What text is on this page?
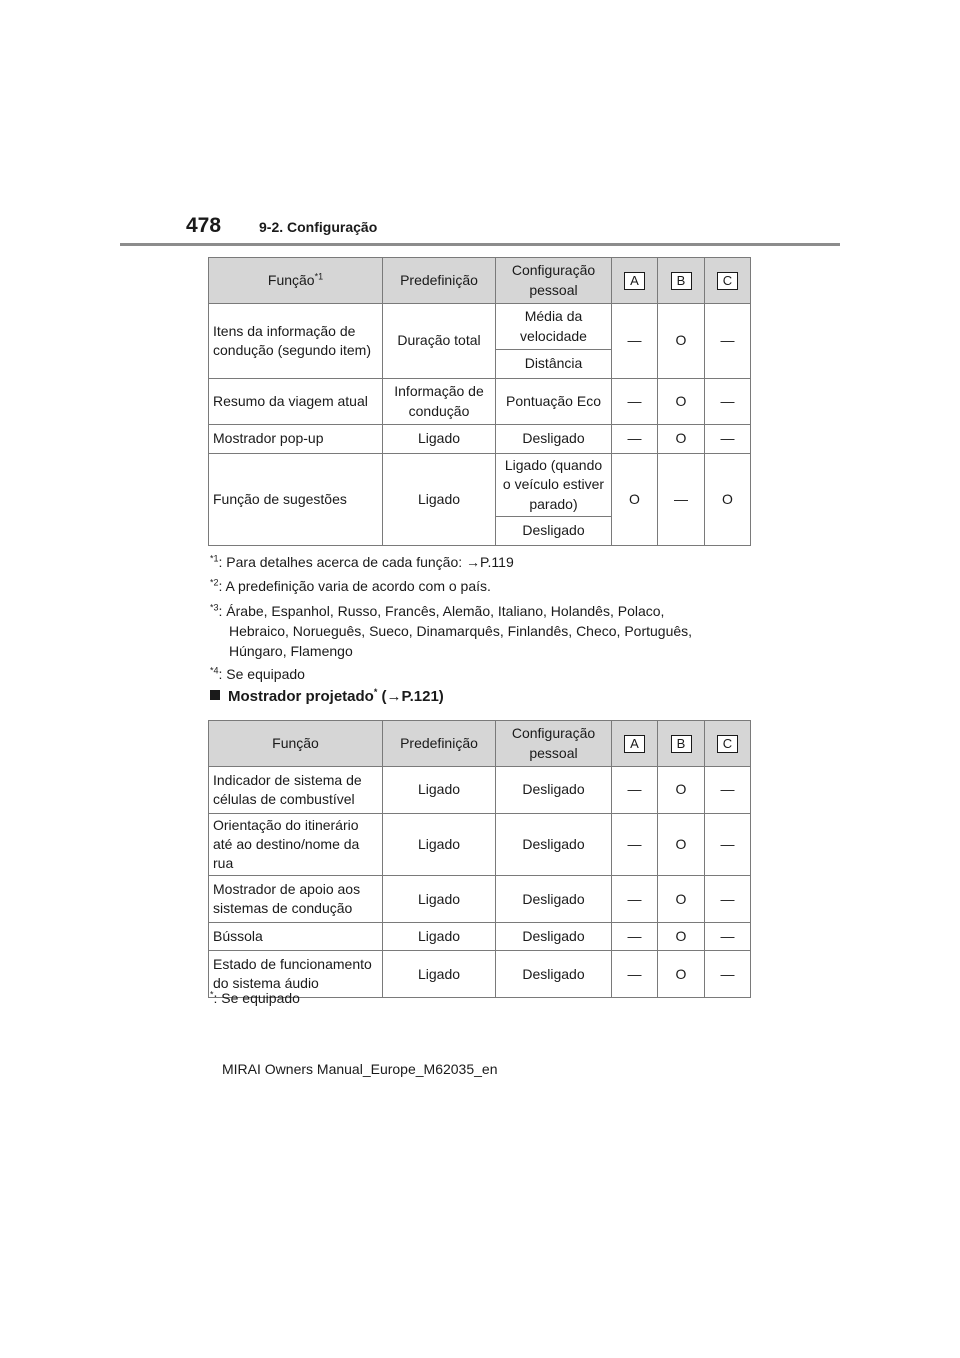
478	9-2. Configuração
Função$^{*1}$	Predefinição	Configuração pessoal	A	B	C
Itens da informação de condução (segundo item)	Duração total	Média da velocidade	—	O	—
		Distância			
Resumo da viagem atual	Informação de condução	Pontuação Eco	—	O	—
Mostrador pop-up	Ligado	Desligado	—	O	—
Função de sugestões	Ligado	Ligado (quando o veículo estiver parado)	O	—	O
		Desligado			
$^{*1}$: Para detalhes acerca de cada função: →P.119
$^{*2}$: A predefinição varia de acordo com o país.
$^{*3}$: Árabe, Espanhol, Russo, Francês, Alemão, Italiano, Holandês, Polaco,
Hebraico, Norueguês, Sueco, Dinamarquês, Finlandês, Checo, Português,
Húngaro, Flamengo
$^{*4}$: Se equipado
Mostrador projetado* (→P.121)
Função	Predefinição	Configuração pessoal	A	B	C
Indicador de sistema de células de combustível	Ligado	Desligado	—	O	—
Orientação do itinerário até ao destino/nome da rua	Ligado	Desligado	—	O	—
Mostrador de apoio aos sistemas de condução	Ligado	Desligado	—	O	—
Bússola	Ligado	Desligado	—	O	—
Estado de funcionamento do sistema áudio	Ligado	Desligado	—	O	—
*: Se equipado
MIRAI Owners Manual_Europe_M62035_en
